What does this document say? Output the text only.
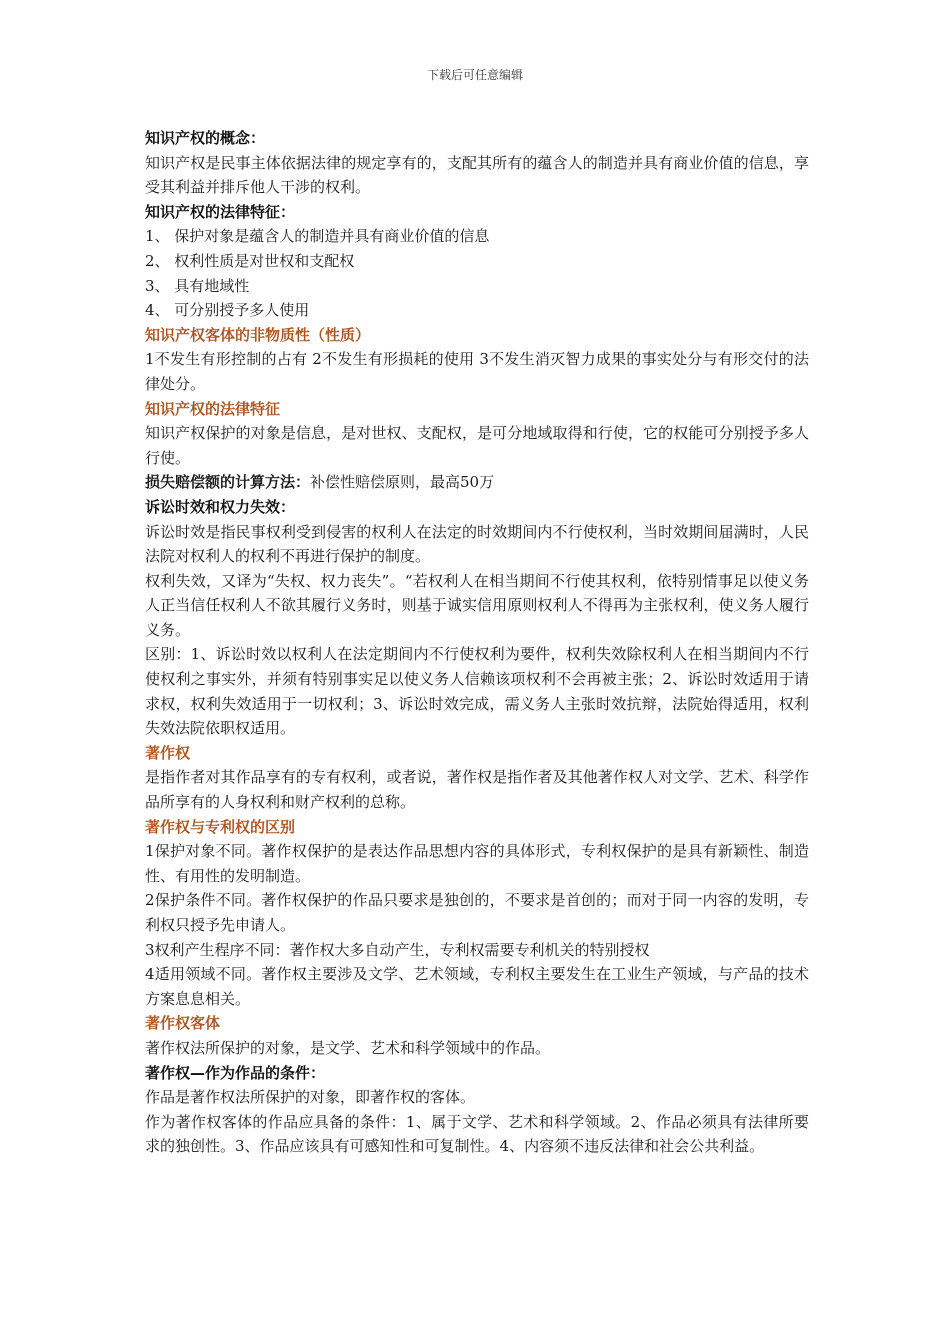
下载后可任意编辑

知识产权的概念：

知识产权是民事主体依据法律的规定享有的，支配其所有的蕴含人的制造并具有商业价值的信息，享受其利益并排斥他人干涉的权利。

知识产权的法律特征：

1、 保护对象是蕴含人的制造并具有商业价值的信息

2、 权利性质是对世权和支配权

3、 具有地域性

4、 可分别授予多人使用

知识产权客体的非物质性（性质）

1不发生有形控制的占有 2不发生有形损耗的使用 3不发生消灭智力成果的事实处分与有形交付的法律处分。

知识产权的法律特征

知识产权保护的对象是信息，是对世权、支配权，是可分地域取得和行使，它的权能可分别授予多人行使。

损失赔偿额的计算方法：补偿性赔偿原则，最高50万

诉讼时效和权力失效：

诉讼时效是指民事权利受到侵害的权利人在法定的时效期间内不行使权利，当时效期间届满时，人民法院对权利人的权利不再进行保护的制度。

权利失效，又译为“失权、权力丧失”。“若权利人在相当期间不行使其权利，依特别情事足以使义务人正当信任权利人不欲其履行义务时，则基于诚实信用原则权利人不得再为主张权利，使义务人履行义务。

区别：1、诉讼时效以权利人在法定期间内不行使权利为要件，权利失效除权利人在相当期间内不行使权利之事实外，并须有特别事实足以使义务人信赖该项权利不会再被主张；2、诉讼时效适用于请求权，权利失效适用于一切权利；3、诉讼时效完成，需义务人主张时效抗辩，法院始得适用，权利失效法院依职权适用。

著作权

是指作者对其作品享有的专有权利，或者说，著作权是指作者及其他著作权人对文学、艺术、科学作品所享有的人身权利和财产权利的总称。

著作权与专利权的区别

1保护对象不同。著作权保护的是表达作品思想内容的具体形式，专利权保护的是具有新颖性、制造性、有用性的发明制造。

2保护条件不同。著作权保护的作品只要求是独创的，不要求是首创的；而对于同一内容的发明，专利权只授予先申请人。

3权利产生程序不同：著作权大多自动产生，专利权需要专利机关的特别授权

4适用领域不同。著作权主要涉及文学、艺术领域，专利权主要发生在工业生产领域，与产品的技术方案息息相关。

著作权客体

著作权法所保护的对象，是文学、艺术和科学领域中的作品。

著作权—作为作品的条件：

作品是著作权法所保护的对象，即著作权的客体。

作为著作权客体的作品应具备的条件：1、属于文学、艺术和科学领域。2、作品必须具有法律所要求的独创性。3、作品应该具有可感知性和可复制性。4、内容须不违反法律和社会公共利益。
